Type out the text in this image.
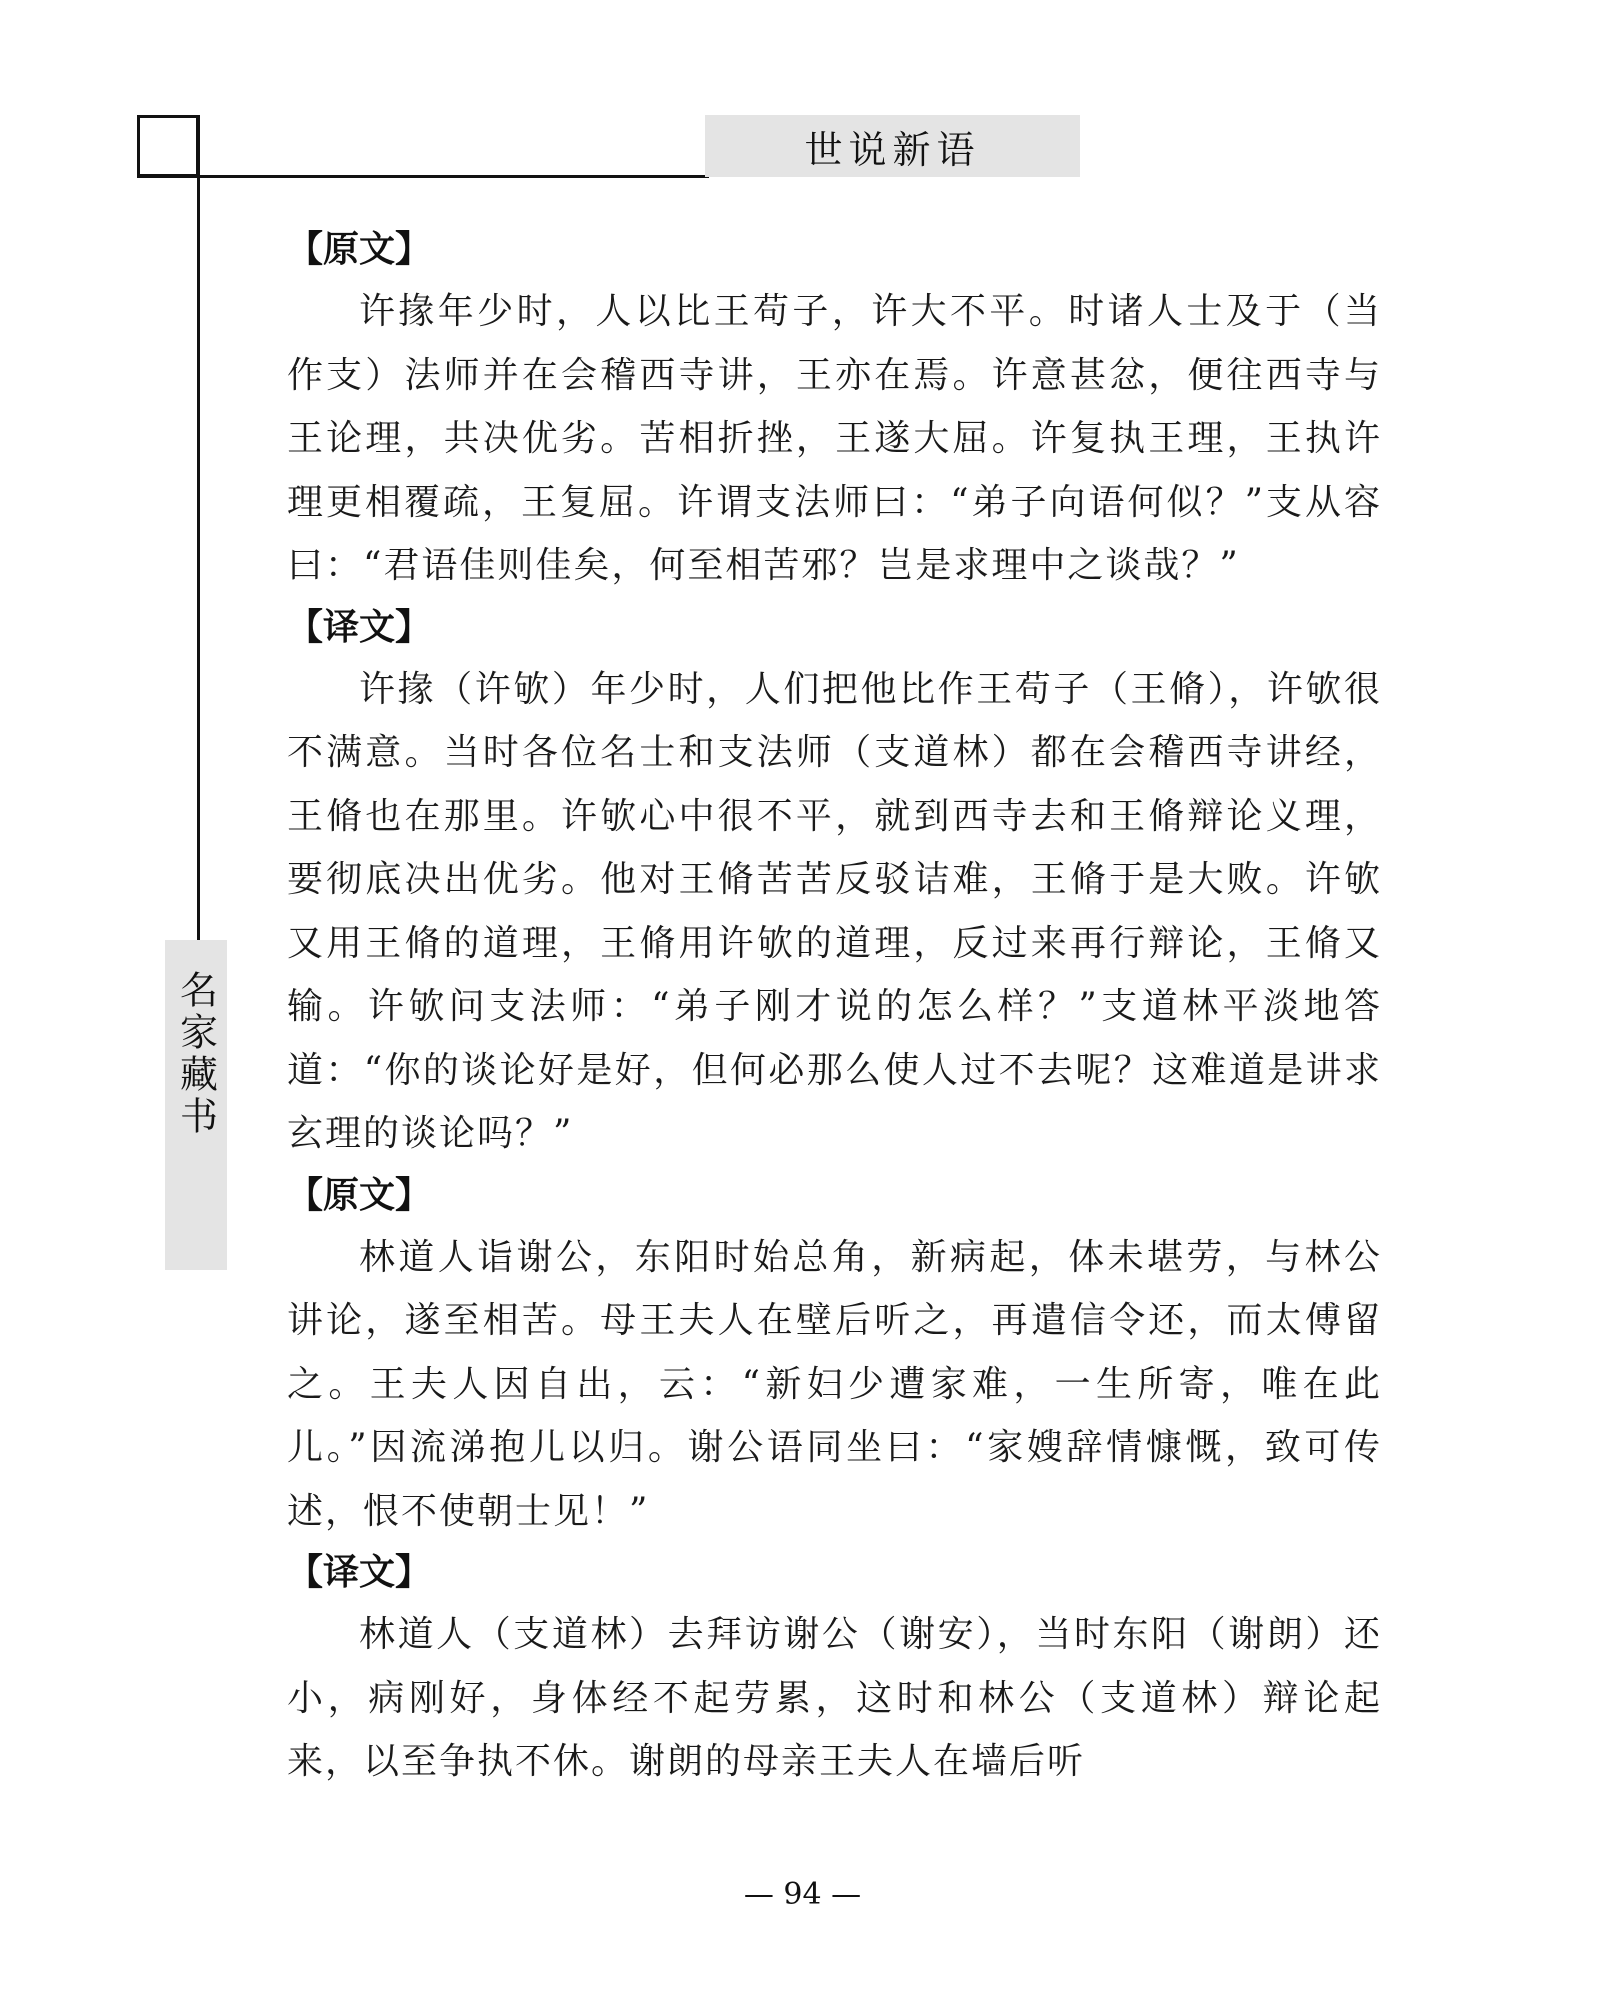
世说新语
名家藏书

【原文】

许掾年少时，人以比王苟子，许大不平。时诸人士及于（当作支）法师并在会稽西寺讲，王亦在焉。许意甚忿，便往西寺与王论理，共决优劣。苦相折挫，王遂大屈。许复执王理，王执许理更相覆疏，王复屈。许谓支法师曰：“弟子向语何似？”支从容曰：“君语佳则佳矣，何至相苦邪？岂是求理中之谈哉？”

【译文】

许掾（许欨）年少时，人们把他比作王苟子（王脩），许欨很不满意。当时各位名士和支法师（支道林）都在会稽西寺讲经，王脩也在那里。许欨心中很不平，就到西寺去和王脩辩论义理，要彻底决出优劣。他对王脩苦苦反驳诘难，王脩于是大败。许欨又用王脩的道理，王脩用许欨的道理，反过来再行辩论，王脩又输。许欨问支法师：“弟子刚才说的怎么样？”支道林平淡地答道：“你的谈论好是好，但何必那么使人过不去呢？这难道是讲求玄理的谈论吗？”

【原文】

林道人诣谢公，东阳时始总角，新病起，体未堪劳，与林公讲论，遂至相苦。母王夫人在壁后听之，再遣信令还，而太傅留之。王夫人因自出，云：“新妇少遭家难，一生所寄，唯在此儿。”因流涕抱儿以归。谢公语同坐曰：“家嫂辞情慷慨，致可传述，恨不使朝士见！”

【译文】

林道人（支道林）去拜访谢公（谢安），当时东阳（谢朗）还小，病刚好，身体经不起劳累，这时和林公（支道林）辩论起来，以至争执不休。谢朗的母亲王夫人在墙后听

— 94 —
